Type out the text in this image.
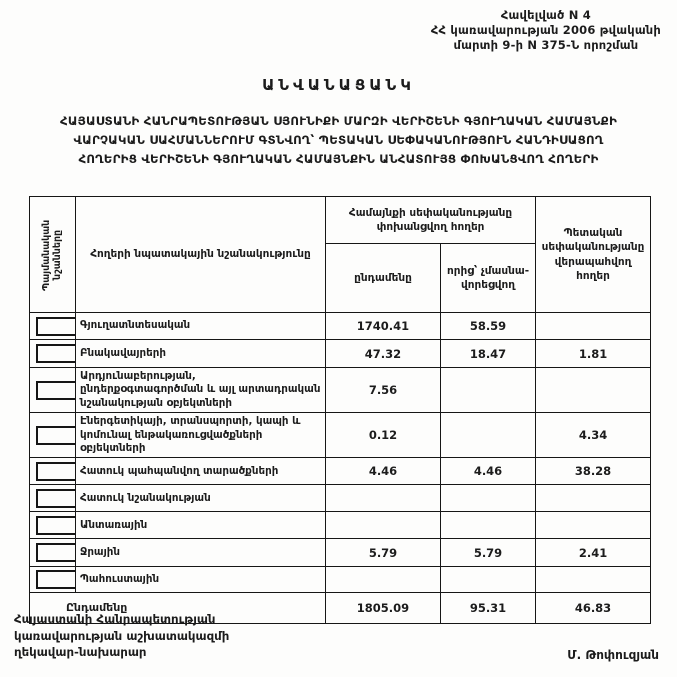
Հավելված N 4
ՀՀ կառավարության 2006 թվականի
մարտի 9-ի N 375-Ն որոշման
ԱՆՎԱՆԱՑԱՆԿ
ՀԱՅԱՍՏԱՆԻ ՀԱՆՐԱՊԵՏՈՒԹՅԱՆ ՍՅՈՒՆԻՔԻ ՄԱՐԶԻ ՎԵՐԻՇԵՆԻ ԳՅՈՒՂԱԿԱՆ ՀԱՄԱՅՆՔԻ
ՎԱՐՉԱԿԱՆ ՍԱՀՄԱՆՆԵՐՈՒՄ ԳՏՆՎՈՂ՝ ՊԵՏԱԿԱՆ ՍԵՓԱԿԱՆՈՒԹՅՈՒՆ ՀԱՆԴԻՍԱՑՈՂ
ՀՈՂԵՐԻՑ ՎԵՐԻՇԵՆԻ ԳՅՈՒՂԱԿԱՆ ՀԱՄԱՅՆՔԻՆ ԱՆՀԱՏՈՒՅՑ ՓՈԽԱՆՑՎՈՂ ՀՈՂԵՐԻ
Պայմանական նշանները	Հողերի նպատակային նշանակությունը	Համայնքի սեփականությանը փոխանցվող հողեր		Պետական սեփականությանը վերապահվող հողեր
		ընդամենը	որից՝ չմասնա-վորեցվող	

	Գյուղատնտեսական	1740.41	58.59	

	Բնակավայրերի	47.32	18.47	1.81

	Արդյունաբերության, ընդերքօգտագործման և այլ արտադրական նշանակության օբյեկտների	7.56		

	Էներգետիկայի, տրանսպորտի, կապի և կոմունալ ենթակառուցվածքների օբյեկտների	0.12		4.34

	Հատուկ պահպանվող տարածքների	4.46	4.46	38.28

	Հատուկ նշանակության			

	Անտառային			

	Ջրային	5.79	5.79	2.41

	Պահուստային			
Ընդամենը		1805.09	95.31	46.83
Հայաստանի Հանրապետության
կառավարության աշխատակազմի
ղեկավար-նախարար	Մ. Թոփուզյան
